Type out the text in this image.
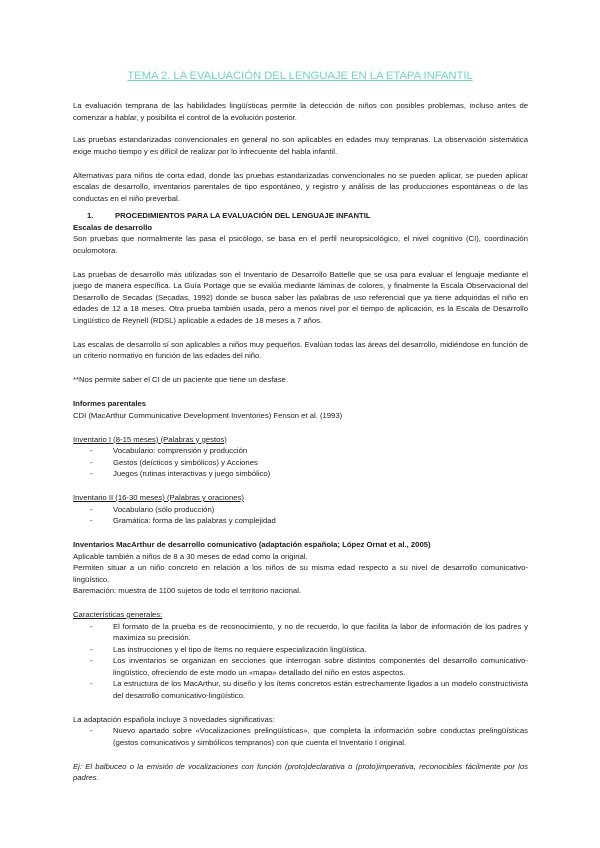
TEMA 2. LA EVALUACIÓN DEL LENGUAJE EN LA ETAPA INFANTIL

La evaluación temprana de las habilidades lingüísticas permite la detección de niños con posibles problemas, incluso antes de comenzar a hablar, y posibilita el control de la evolución posterior.

Las pruebas estandarizadas convencionales en general no son aplicables en edades muy tempranas. La observación sistemática exige mucho tiempo y es difícil de realizar por lo infrecuente del habla infantil.

Alternativas para niños de corta edad, donde las pruebas estandarizadas convencionales no se pueden aplicar, se pueden aplicar escalas de desarrollo, inventarios parentales de tipo espontáneo, y registro y análisis de las producciones espontáneas o de las conductas en el niño preverbal.

1.	PROCEDIMIENTOS PARA LA EVALUACIÓN DEL LENGUAJE INFANTIL

Escalas de desarrollo

Son pruebas que normalmente las pasa el psicólogo, se basa en el perfil neuropsicológico, el nivel cognitivo (CI), coordinación oculomotora.

Las pruebas de desarrollo más utilizadas son el Inventario de Desarrollo Battelle que se usa para evaluar el lenguaje mediante el juego de manera específica. La Guía Portage que se evalúa mediante láminas de colores, y finalmente la Escala Observacional del Desarrollo de Secadas (Secadas, 1992) donde se busca saber las palabras de uso referencial que ya tiene adquiridas el niño en edades de 12 a 18 meses. Otra prueba también usada, pero a menos nivel por el tiempo de aplicación, es la Escala de Desarrollo Lingüístico de Reynell (RDSL) aplicable a edades de 18 meses a 7 años.

Las escalas de desarrollo sí son aplicables a niños muy pequeños. Evalúan todas las áreas del desarrollo, midiéndose en función de un criterio normativo en función de las edades del niño.

**Nos permite saber el CI de un paciente que tiene un desfase.

Informes parentales

CDI (MacArthur Communicative Development Inventories) Fenson et al. (1993)

Inventario I (8-15 meses) (Palabras y gestos)

- Vocabulario: comprensión y producción
- Gestos (deícticos y simbólicos) y Acciones
- Juegos (rutinas interactivas y juego simbólico)

Inventario II (16-30 meses) (Palabras y oraciones)

- Vocabulario (sólo producción)
- Gramática: forma de las palabras y complejidad

Inventarios MacArthur de desarrollo comunicativo (adaptación española; López Ornat et al., 2005)

Aplicable también a niños de 8 a 30 meses de edad como la original.

Permiten situar a un niño concreto en relación a los niños de su misma edad respecto a su nivel de desarrollo comunicativo-lingüístico.

Baremación: muestra de 1100 sujetos de todo el territorio nacional.

Características generales:

- El formato de la prueba es de reconocimiento, y no de recuerdo, lo que facilita la labor de información de los padres y maximiza su precisión.
- Las instrucciones y el tipo de ítems no requiere especialización lingüística.
- Los inventarios se organizan en secciones que interrogan sobre distintos componentes del desarrollo comunicativo-lingüístico, ofreciendo de este modo un «mapa» detallado del niño en estos aspectos.
- La estructura de los MacArthur, su diseño y los ítems concretos están estrechamente ligados a un modelo constructivista del desarrollo comunicativo-lingüístico.

La adaptación española incluye 3 novedades significativas:

- Nuevo apartado sobre «Vocalizaciones prelingüísticas», que completa la información sobre conductas prelingüísticas (gestos comunicativos y simbólicos tempranos) con que cuenta el Inventario I original.

Ej: El balbuceo o la emisión de vocalizaciones con función (proto)declarativa o (proto)imperativa, reconocibles fácilmente por los padres.
